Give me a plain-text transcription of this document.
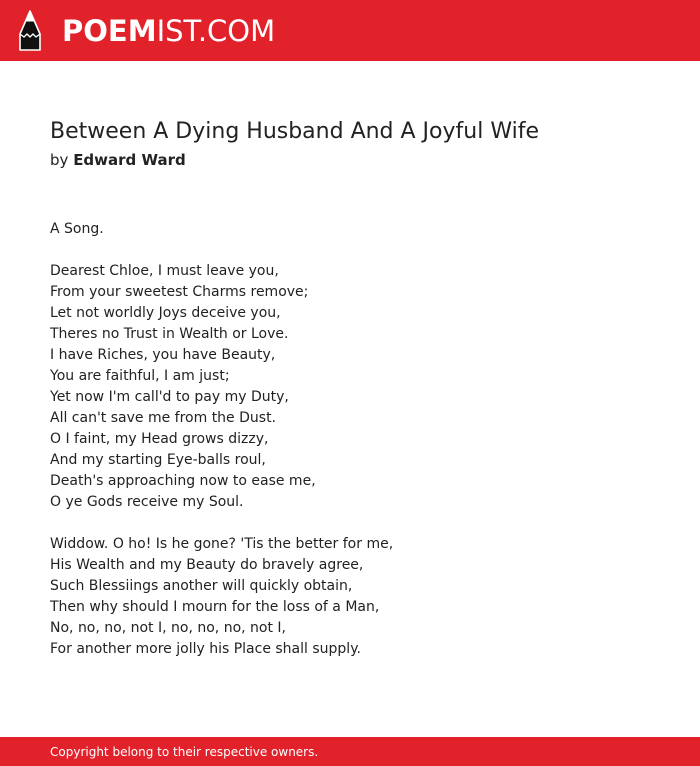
POEMIST.COM
Between A Dying Husband And A Joyful Wife
by Edward Ward
A Song.
Dearest Chloe, I must leave you,
From your sweetest Charms remove;
Let not worldly Joys deceive you,
Theres no Trust in Wealth or Love.
I have Riches, you have Beauty,
You are faithful, I am just;
Yet now I'm call'd to pay my Duty,
All can't save me from the Dust.
O I faint, my Head grows dizzy,
And my starting Eye-balls roul,
Death's approaching now to ease me,
O ye Gods receive my Soul.
Widdow. O ho! Is he gone? 'Tis the better for me,
His Wealth and my Beauty do bravely agree,
Such Blessiings another will quickly obtain,
Then why should I mourn for the loss of a Man,
No, no, no, not I, no, no, no, not I,
For another more jolly his Place shall supply.
Copyright belong to their respective owners.
